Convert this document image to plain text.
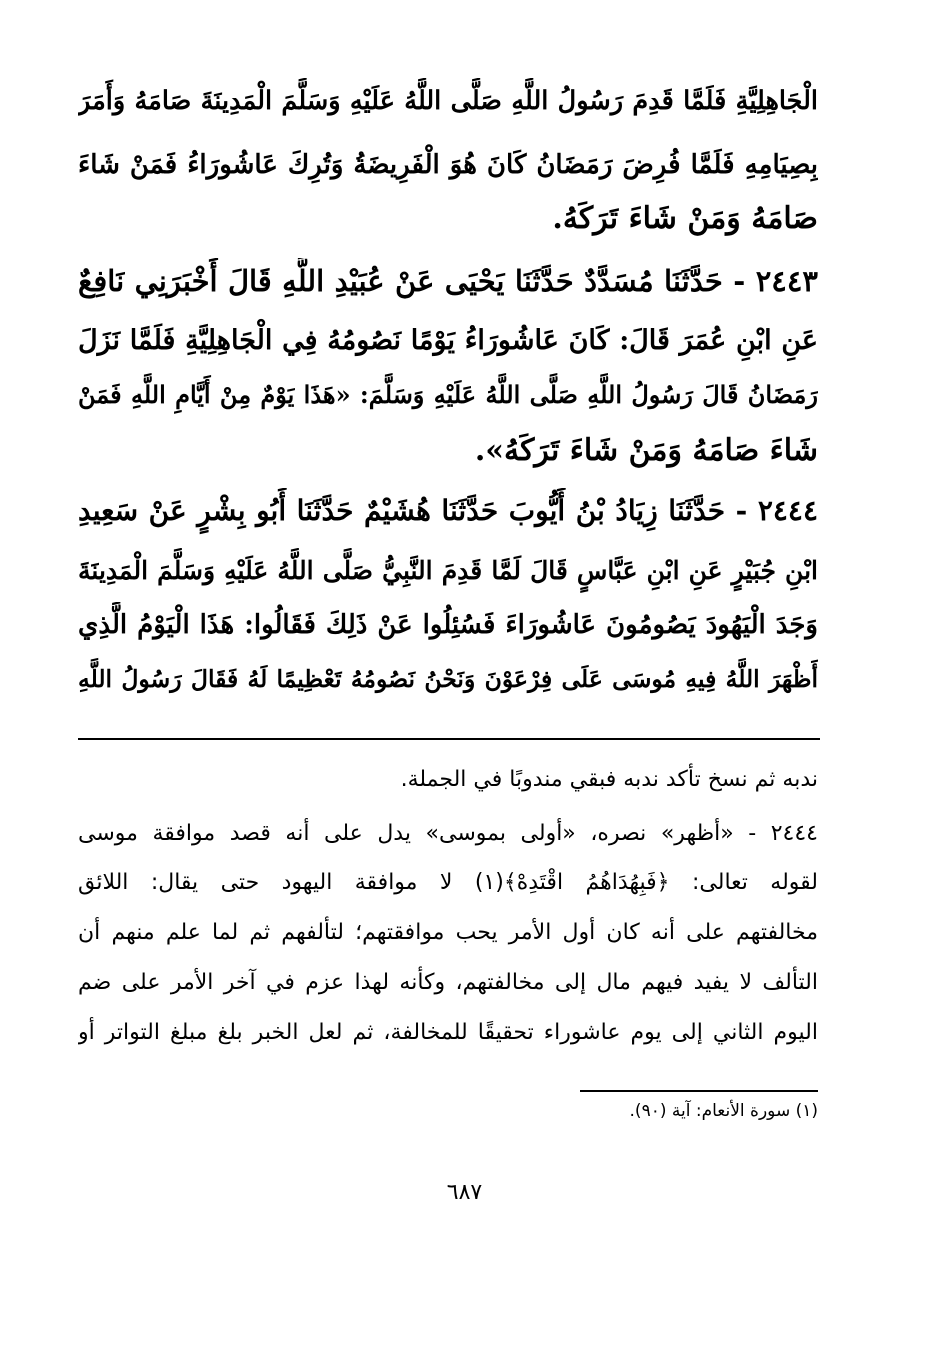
الْجَاهِلِيَّةِ فَلَمَّا قَدِمَ رَسُولُ اللَّهِ صَلَّى اللَّهُ عَلَيْهِ وَسَلَّمَ الْمَدِينَةَ صَامَهُ وَأَمَرَ
بِصِيَامِهِ فَلَمَّا فُرِضَ رَمَضَانُ كَانَ هُوَ الْفَرِيضَةُ وَتُرِكَ عَاشُورَاءُ فَمَنْ شَاءَ
صَامَهُ وَمَنْ شَاءَ تَرَكَهُ.
٢٤٤٣ - حَدَّثَنَا مُسَدَّدٌ حَدَّثَنَا يَحْيَى عَنْ عُبَيْدِ اللَّهِ قَالَ أَخْبَرَنِي نَافِعٌ
عَنِ ابْنِ عُمَرَ قَالَ: كَانَ عَاشُورَاءُ يَوْمًا نَصُومُهُ فِي الْجَاهِلِيَّةِ فَلَمَّا نَزَلَ
رَمَضَانُ قَالَ رَسُولُ اللَّهِ صَلَّى اللَّهُ عَلَيْهِ وَسَلَّمَ: «هَذَا يَوْمٌ مِنْ أَيَّامِ اللَّهِ فَمَنْ
شَاءَ صَامَهُ وَمَنْ شَاءَ تَرَكَهُ».
٢٤٤٤ - حَدَّثَنَا زِيَادُ بْنُ أَيُّوبَ حَدَّثَنَا هُشَيْمٌ حَدَّثَنَا أَبُو بِشْرٍ عَنْ سَعِيدِ
ابْنِ جُبَيْرٍ عَنِ ابْنِ عَبَّاسٍ قَالَ لَمَّا قَدِمَ النَّبِيُّ صَلَّى اللَّهُ عَلَيْهِ وَسَلَّمَ الْمَدِينَةَ
وَجَدَ الْيَهُودَ يَصُومُونَ عَاشُورَاءَ فَسُئِلُوا عَنْ ذَلِكَ فَقَالُوا: هَذَا الْيَوْمُ الَّذِي
أَظْهَرَ اللَّهُ فِيهِ مُوسَى عَلَى فِرْعَوْنَ وَنَحْنُ نَصُومُهُ تَعْظِيمًا لَهُ فَقَالَ رَسُولُ اللَّهِ
ندبه ثم نسخ تأكد ندبه فبقي مندوبًا في الجملة.
٢٤٤٤ - «أظهر» نصره، «أولى بموسى» يدل على أنه قصد موافقة موسى
لقوله تعالى: ﴿فَبِهُدَاهُمُ اقْتَدِهْ﴾(١) لا موافقة اليهود حتى يقال: اللائق
مخالفتهم على أنه كان أول الأمر يحب موافقتهم؛ لتألفهم ثم لما علم منهم أن
التألف لا يفيد فيهم مال إلى مخالفتهم، وكأنه لهذا عزم في آخر الأمر على ضم
اليوم الثاني إلى يوم عاشوراء تحقيقًا للمخالفة، ثم لعل الخبر بلغ مبلغ التواتر أو
(١) سورة الأنعام: آية (٩٠).
٦٨٧
